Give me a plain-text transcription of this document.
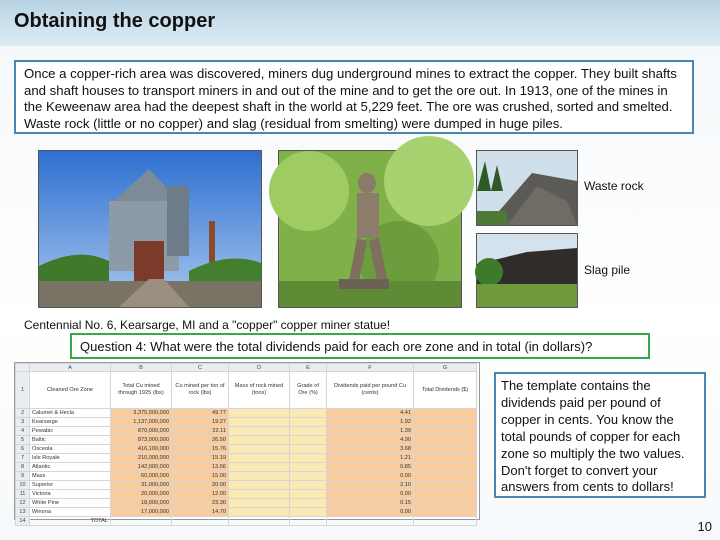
Obtaining the copper
Once a copper-rich area was discovered, miners dug underground mines to extract the copper. They built shafts and shaft houses to transport miners in and out of the mine and to get the ore out. In 1913, one of the mines in the Keweenaw area had the deepest shaft in the world at 5,229 feet. The ore was crushed, sorted and smelted. Waste rock (little or no copper) and slag (residual from smelting) were dumped in huge piles.
Waste rock
Slag pile
Centennial No. 6, Kearsarge, MI and a "copper" copper miner statue!
Question 4: What were the total dividends paid for each ore zone and in total (in dollars)?
	A	B	C	D	E	F	G
1	Cleaned Ore Zone	Total Cu mined through 1925 (lbs)	Cu mined per ton of rock (lbs)	Mass of rock mined (tons)	Grade of Ore (%)	Dividends paid per pound Cu (cents)	Total Dividends ($)
2	Calumet & Hecla	3,375,000,000	49.77			4.41	
3	Kearsarge	1,137,000,000	19.27			1.92	
4	Pewabic	870,000,000	22.11			1.39	
5	Baltic	873,000,000	26.50			4.90	
6	Osceola	416,100,000	15.76			3.68	
7	Isle Royale	210,000,000	15.19			1.21	
8	Atlantic	142,000,000	13.56			0.85	
9	Mass	60,000,000	15.00			0.00	
10	Superior	31,000,000	20.00			2.10	
11	Victoria	20,000,000	12.00			0.00	
12	White Pine	18,000,000	23.30			0.15	
13	Winona	17,000,000	14.70			0.00	
14	TOTAL						
The template contains the dividends paid per pound of copper in cents. You know the total pounds of copper for each zone so multiply the two values. Don't forget to convert your answers from cents to dollars!
10
